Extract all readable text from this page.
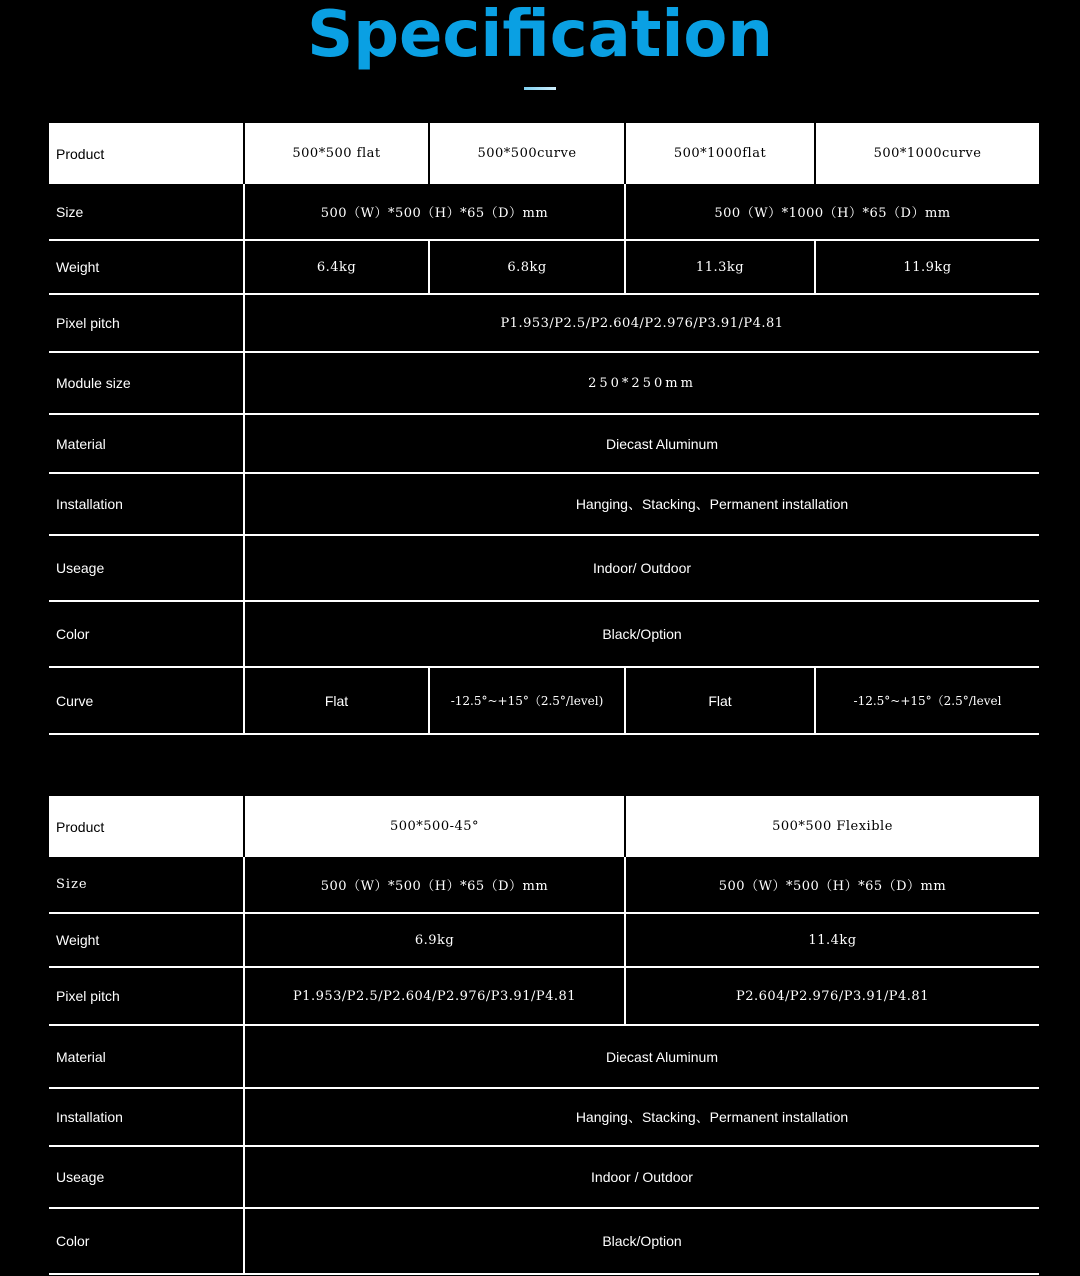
Specification
Product	500*500 flat	500*500curve	500*1000flat	500*1000curve
Size	500（W）*500（H）*65（D）mm		500（W）*1000（H）*65（D）mm	
Weight	6.4kg	6.8kg	11.3kg	11.9kg
Pixel pitch	P1.953/P2.5/P2.604/P2.976/P3.91/P4.81			
Module size	250*250mm			
Material	Diecast Aluminum			
Installation	Hanging、Stacking、Permanent installation			
Useage	Indoor/ Outdoor			
Color	Black/Option			
Curve	Flat	-12.5°~+15°（2.5°/level)	Flat	-12.5°~+15°（2.5°/level
Product	500*500-45°	500*500 Flexible
Size	500（W）*500（H）*65（D）mm	500（W）*500（H）*65（D）mm
Weight	6.9kg	11.4kg
Pixel pitch	P1.953/P2.5/P2.604/P2.976/P3.91/P4.81	P2.604/P2.976/P3.91/P4.81
Material	Diecast Aluminum	
Installation	Hanging、Stacking、Permanent installation	
Useage	Indoor / Outdoor	
Color	Black/Option	
